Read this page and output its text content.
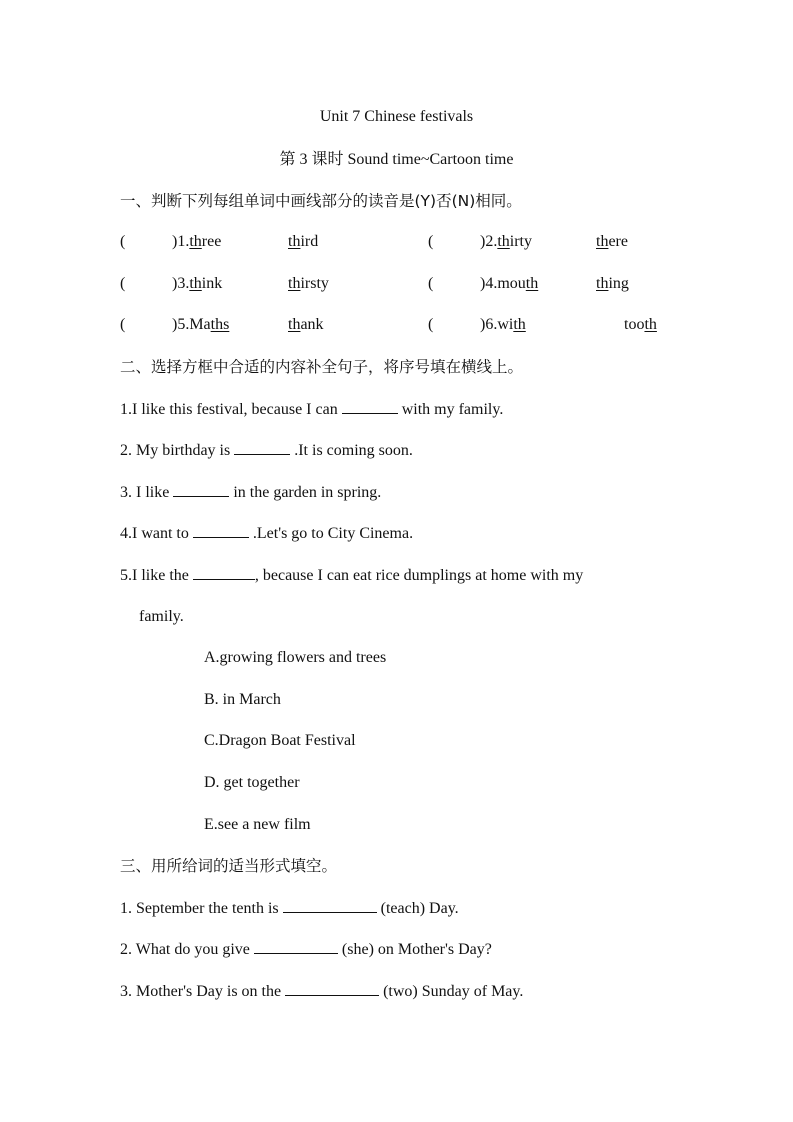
Unit 7 Chinese festivals
第 3 课时 Sound time~Cartoon time
一、判断下列每组单词中画线部分的读音是(Y)否(N)相同。
(	)1.three	third	(	)2.thirty	there
(	)3.think	thirsty	(	)4.mouth	thing
(	)5.Maths	thank	(	)6.with	tooth
二、选择方框中合适的内容补全句子，将序号填在横线上。
1.I like this festival, because I can	with my family.
2. My birthday is	.It is coming soon.
3. I like	in the garden in spring.
4.I want to	.Let's go to City Cinema.
5.I like the	, because I can eat rice dumplings at home with my
family.
A.growing flowers and trees
B. in March
C.Dragon Boat Festival
D. get together
E.see a new film
三、用所给词的适当形式填空。
1. September the tenth is	(teach) Day.
2. What do you give	(she) on Mother's Day?
3. Mother's Day is on the	(two) Sunday of May.
